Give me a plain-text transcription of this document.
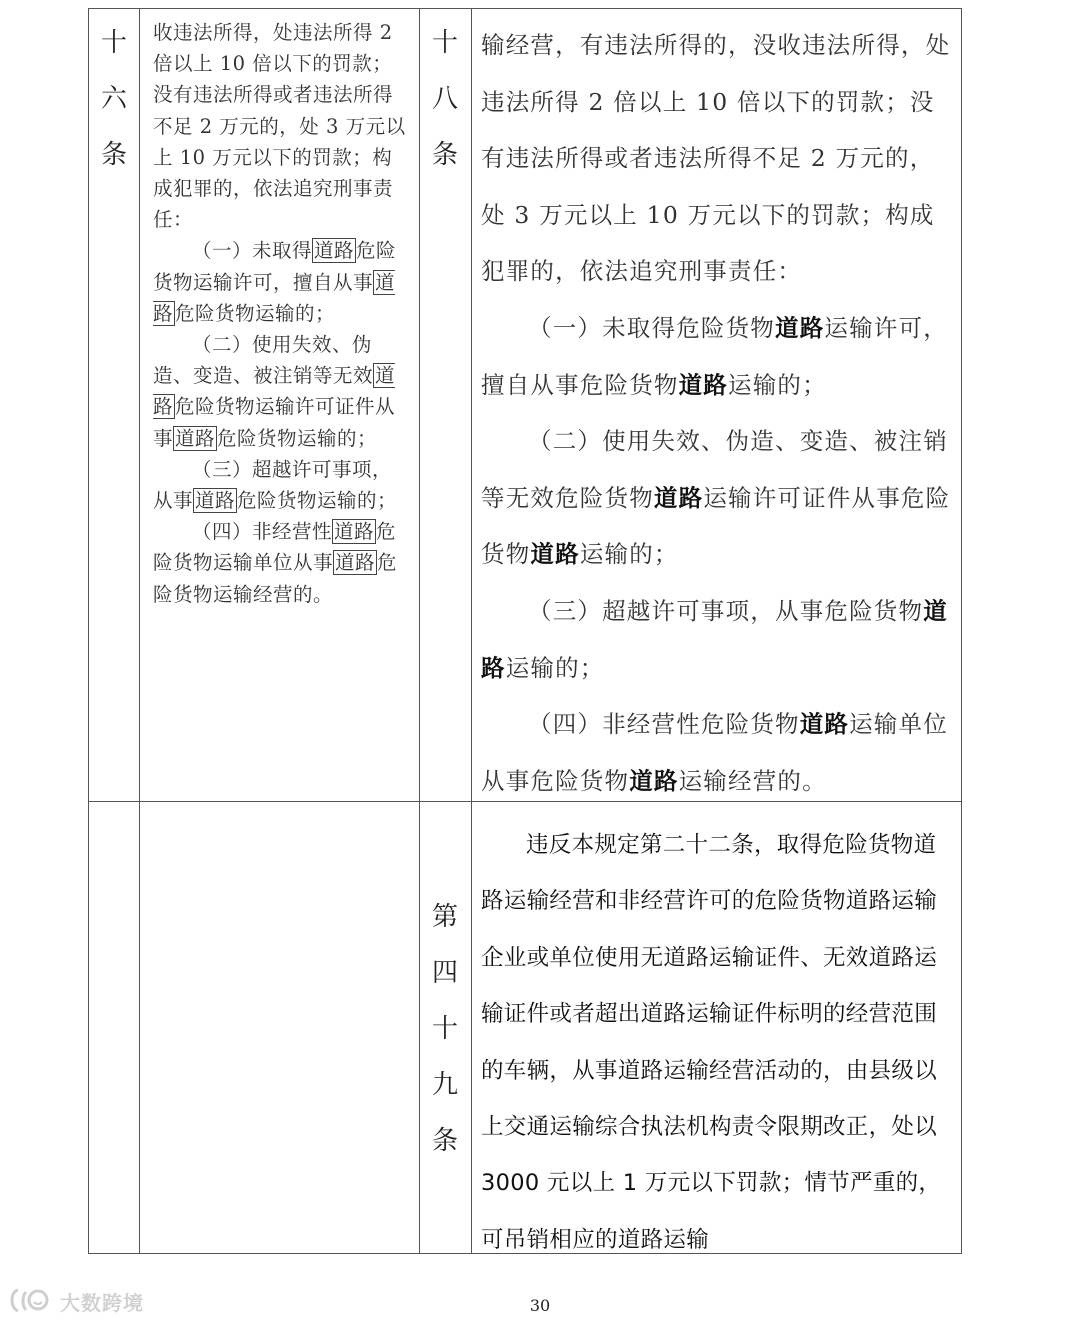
十
六
条

收违法所得，处违法所得 2 倍以上 10 倍以下的罚款；没有违法所得或者违法所得不足 2 万元的，处 3 万元以上 10 万元以下的罚款；构成犯罪的，依法追究刑事责任：

（一）未取得 道路 危险货物运输许可，擅自从事 道路 危险货物运输的；

（二）使用失效、伪造、变造、被注销等无效 道路 危险货物运输许可证件从事 道路 危险货物运输的；

（三）超越许可事项，从事 道路 危险货物运输的；

（四）非经营性 道路 危险货物运输单位从事 道路 危险货物运输经营的。

十
八
条

输经营，有违法所得的，没收违法所得，处违法所得 2 倍以上 10 倍以下的罚款；没有违法所得或者违法所得不足 2 万元的，处 3 万元以上 10 万元以下的罚款；构成犯罪的，依法追究刑事责任：

（一）未取得危险货物道路运输许可，擅自从事危险货物道路运输的；

（二）使用失效、伪造、变造、被注销等无效危险货物道路运输许可证件从事危险货物道路运输的；

（三）超越许可事项，从事危险货物道路运输的；

（四）非经营性危险货物道路运输单位从事危险货物道路运输经营的。

第
四
十
九
条

违反本规定第二十二条，取得危险货物道路运输经营和非经营许可的危险货物道路运输企业或单位使用无道路运输证件、无效道路运输证件或者超出道路运输证件标明的经营范围的车辆，从事道路运输经营活动的，由县级以上交通运输综合执法机构责令限期改正，处以 3000 元以上 1 万元以下罚款；情节严重的，可吊销相应的道路运输

大数跨境	30
